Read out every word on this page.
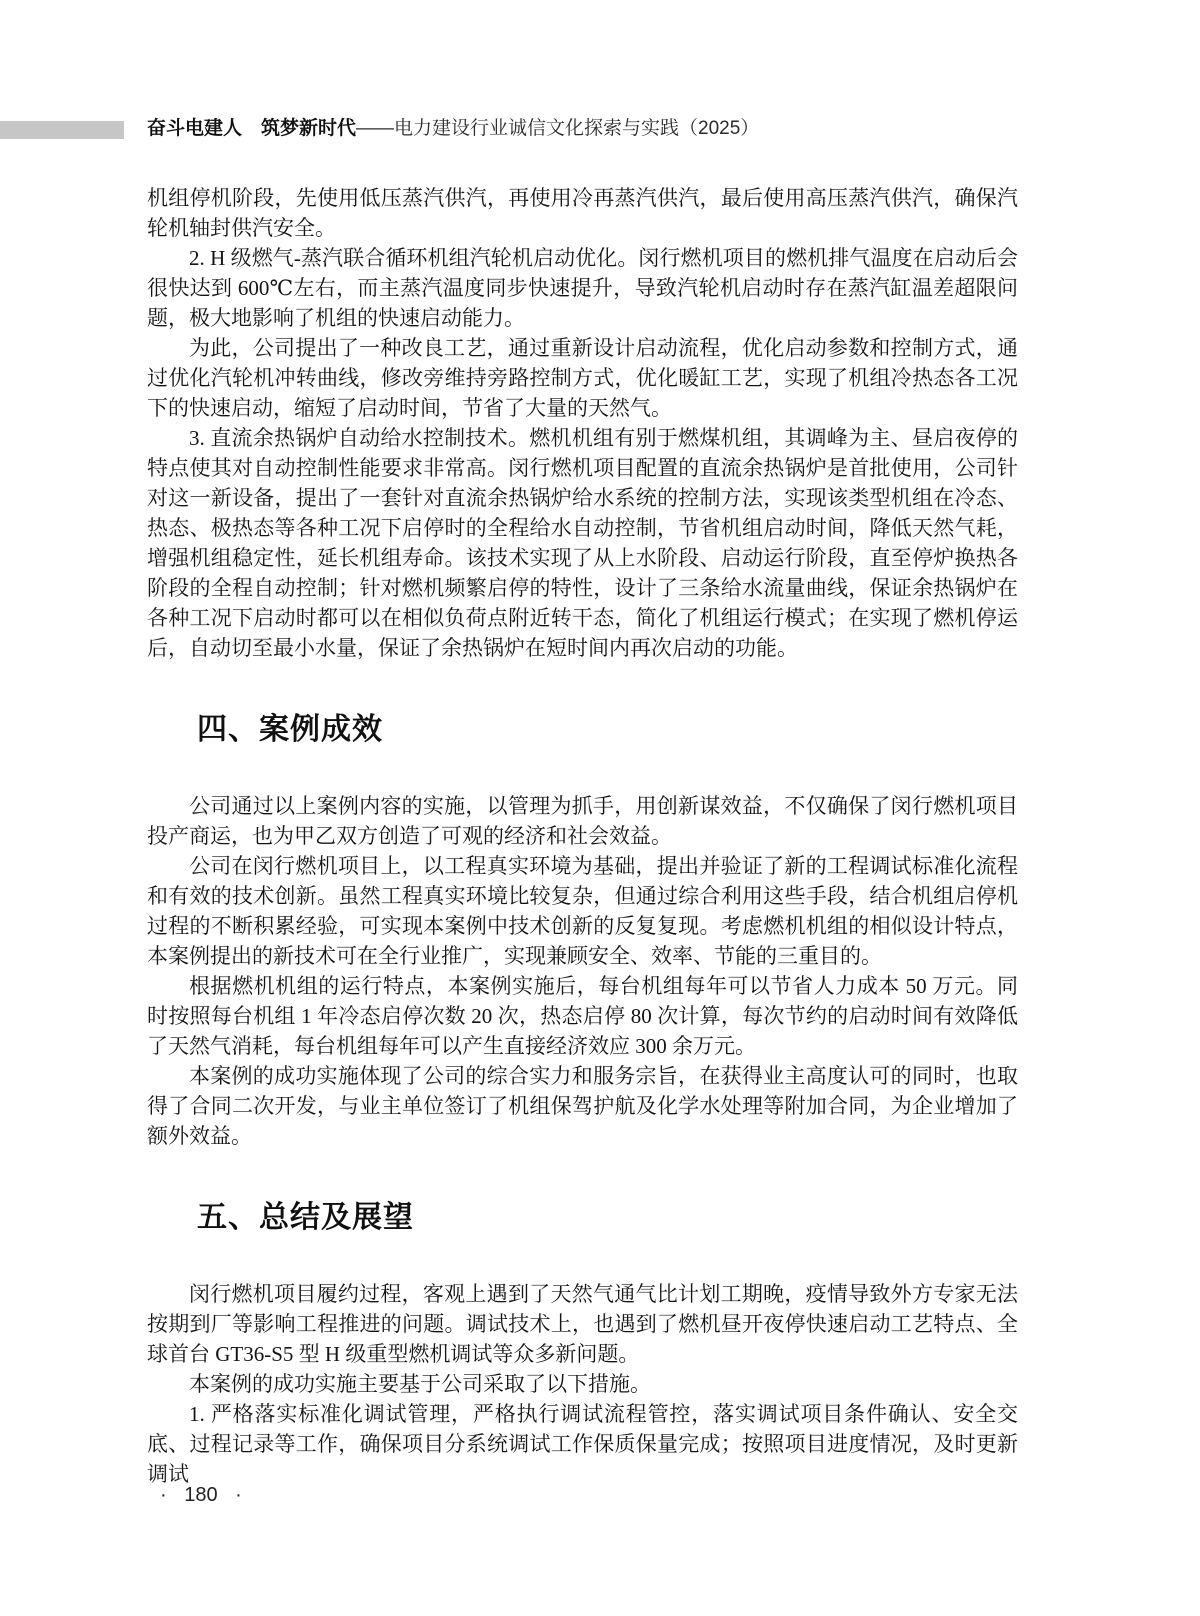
奋斗电建人　筑梦新时代——电力建设行业诚信文化探索与实践（2025）

机组停机阶段，先使用低压蒸汽供汽，再使用冷再蒸汽供汽，最后使用高压蒸汽供汽，确保汽轮机轴封供汽安全。

2. H 级燃气-蒸汽联合循环机组汽轮机启动优化。闵行燃机项目的燃机排气温度在启动后会很快达到 600℃左右，而主蒸汽温度同步快速提升，导致汽轮机启动时存在蒸汽缸温差超限问题，极大地影响了机组的快速启动能力。

为此，公司提出了一种改良工艺，通过重新设计启动流程，优化启动参数和控制方式，通过优化汽轮机冲转曲线，修改旁维持旁路控制方式，优化暖缸工艺，实现了机组冷热态各工况下的快速启动，缩短了启动时间，节省了大量的天然气。

3. 直流余热锅炉自动给水控制技术。燃机机组有别于燃煤机组，其调峰为主、昼启夜停的特点使其对自动控制性能要求非常高。闵行燃机项目配置的直流余热锅炉是首批使用，公司针对这一新设备，提出了一套针对直流余热锅炉给水系统的控制方法，实现该类型机组在冷态、热态、极热态等各种工况下启停时的全程给水自动控制，节省机组启动时间，降低天然气耗，增强机组稳定性，延长机组寿命。该技术实现了从上水阶段、启动运行阶段，直至停炉换热各阶段的全程自动控制；针对燃机频繁启停的特性，设计了三条给水流量曲线，保证余热锅炉在各种工况下启动时都可以在相似负荷点附近转干态，简化了机组运行模式；在实现了燃机停运后，自动切至最小水量，保证了余热锅炉在短时间内再次启动的功能。

四、案例成效

公司通过以上案例内容的实施，以管理为抓手，用创新谋效益，不仅确保了闵行燃机项目投产商运，也为甲乙双方创造了可观的经济和社会效益。

公司在闵行燃机项目上，以工程真实环境为基础，提出并验证了新的工程调试标准化流程和有效的技术创新。虽然工程真实环境比较复杂，但通过综合利用这些手段，结合机组启停机过程的不断积累经验，可实现本案例中技术创新的反复复现。考虑燃机机组的相似设计特点，本案例提出的新技术可在全行业推广，实现兼顾安全、效率、节能的三重目的。

根据燃机机组的运行特点，本案例实施后，每台机组每年可以节省人力成本 50 万元。同时按照每台机组 1 年冷态启停次数 20 次，热态启停 80 次计算，每次节约的启动时间有效降低了天然气消耗，每台机组每年可以产生直接经济效应 300 余万元。

本案例的成功实施体现了公司的综合实力和服务宗旨，在获得业主高度认可的同时，也取得了合同二次开发，与业主单位签订了机组保驾护航及化学水处理等附加合同，为企业增加了额外效益。

五、总结及展望

闵行燃机项目履约过程，客观上遇到了天然气通气比计划工期晚，疫情导致外方专家无法按期到厂等影响工程推进的问题。调试技术上，也遇到了燃机昼开夜停快速启动工艺特点、全球首台 GT36-S5 型 H 级重型燃机调试等众多新问题。

本案例的成功实施主要基于公司采取了以下措施。

1. 严格落实标准化调试管理，严格执行调试流程管控，落实调试项目条件确认、安全交底、过程记录等工作，确保项目分系统调试工作保质保量完成；按照项目进度情况，及时更新调试

· 180 ·
